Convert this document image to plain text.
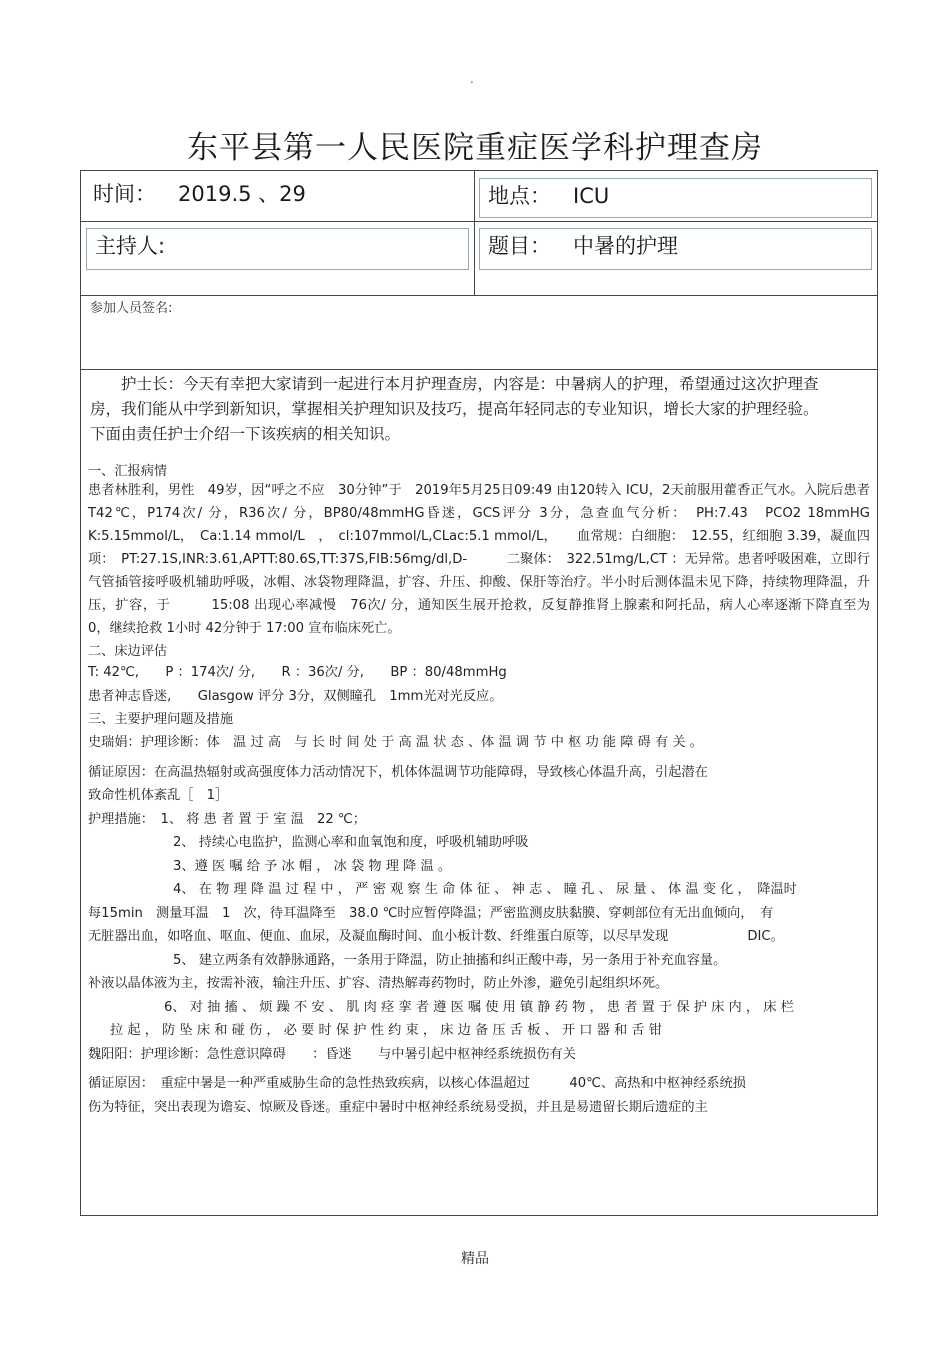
.
东平县第一人民医院重症医学科护理查房
时间： 2019.5 、29	地点： ICU
主持人:	题目： 中暑的护理
参加人员签名:

护士长：今天有幸把大家请到一起进行本月护理查房，内容是：中暑病人的护理，希望通过这次护理查房，我们能从中学到新知识，掌握相关护理知识及技巧，提高年轻同志的专业知识，增长大家的护理经验。下面由责任护士介绍一下该疾病的相关知识。

一、汇报病情

患者林胜利，男性　49岁，因“呼之不应　30分钟”于　2019年5月25日09:49 由120转入 ICU，2天前服用藿香正气水。入院后患者　T42℃，P174次/ 分，R36次/ 分，BP80/48mmHG昏迷，GCS评分 3分，急查血气分析：　PH:7.43　PCO2 18mmHG K:5.15mmol/L，　Ca:1.14 mmol/L　，　cl:107mmol/L,CLac:5.1 mmol/L，　　血常规：白细胞：　12.55，红细胞 3.39，凝血四项：　PT:27.1S,INR:3.61,APTT:80.6S,TT:37S,FIB:56mg/dl,D-　　　二聚体：　322.51mg/L,CT ：无异常。患者呼吸困难，立即行气管插管接呼吸机辅助呼吸，冰帽、冰袋物理降温，扩容、升压、抑酸、保肝等治疗。半小时后测体温未见下降，持续物理降温，升压，扩容，于　　　15:08 出现心率减慢　76次/ 分，通知医生展开抢救，反复静推肾上腺素和阿托品，病人心率逐渐下降直至为　　　0，继续抢救 1小时 42分钟于 17:00 宣布临床死亡。

二、床边评估

T: 42℃,　　P ：174次/ 分,　　R ：36次/ 分,　　BP ：80/48mmHg

患者神志昏迷,　　Glasgow 评分 3分，双侧瞳孔　1mm光对光反应。

三、主要护理问题及措施

史瑞娟：护理诊断：体　温 过 高　与 长 时 间 处 于 高 温 状 态 、体 温 调 节 中 枢 功 能 障 碍 有 关 。

循证原因：在高温热辐射或高强度体力活动情况下，机体体温调节功能障碍，导致核心体温升高，引起潜在

致命性机体紊乱［　1］

护理措施：　1、 将 患 者 置 于 室 温　22 ℃；

2、 持续心电监护，监测心率和血氧饱和度，呼吸机辅助呼吸

3、遵 医 嘱 给 予 冰 帽 ， 冰 袋 物 理 降 温 。

4、 在 物 理 降 温 过 程 中 ， 严 密 观 察 生 命 体 征 、 神 志 、 瞳 孔 、 尿 量 、 体 温 变 化 ，　降温时

每15min　测量耳温　1　次，待耳温降至　38.0 ℃时应暂停降温；严密监测皮肤黏膜、穿刺部位有无出血倾向，　有

无脏器出血，如咯血、呕血、便血、血尿，及凝血酶时间、血小板计数、纤维蛋白原等，以尽早发现　　　　　　DIC。

5、 建立两条有效静脉通路，一条用于降温，防止抽搐和纠正酸中毒，另一条用于补充血容量。

补液以晶体液为主，按需补液，输注升压、扩容、清热解毒药物时，防止外渗，避免引起组织坏死。

6、 对 抽 搐 、 烦 躁 不 安 、 肌 肉 痉 挛 者 遵 医 嘱 使 用 镇 静 药 物 ， 患 者 置 于 保 护 床 内 ， 床 栏

拉 起 ， 防 坠 床 和 碰 伤 ， 必 要 时 保 护 性 约 束 ， 床 边 备 压 舌 板 、 开 口 器 和 舌 钳

魏阳阳：护理诊断：急性意识障碍　　：昏迷　　与中暑引起中枢神经系统损伤有关

循证原因：　重症中暑是一种严重威胁生命的急性热致疾病，以核心体温超过　　　40℃、高热和中枢神经系统损

伤为特征，突出表现为谵妄、惊厥及昏迷。重症中暑时中枢神经系统易受损，并且是易遗留长期后遗症的主

精品
